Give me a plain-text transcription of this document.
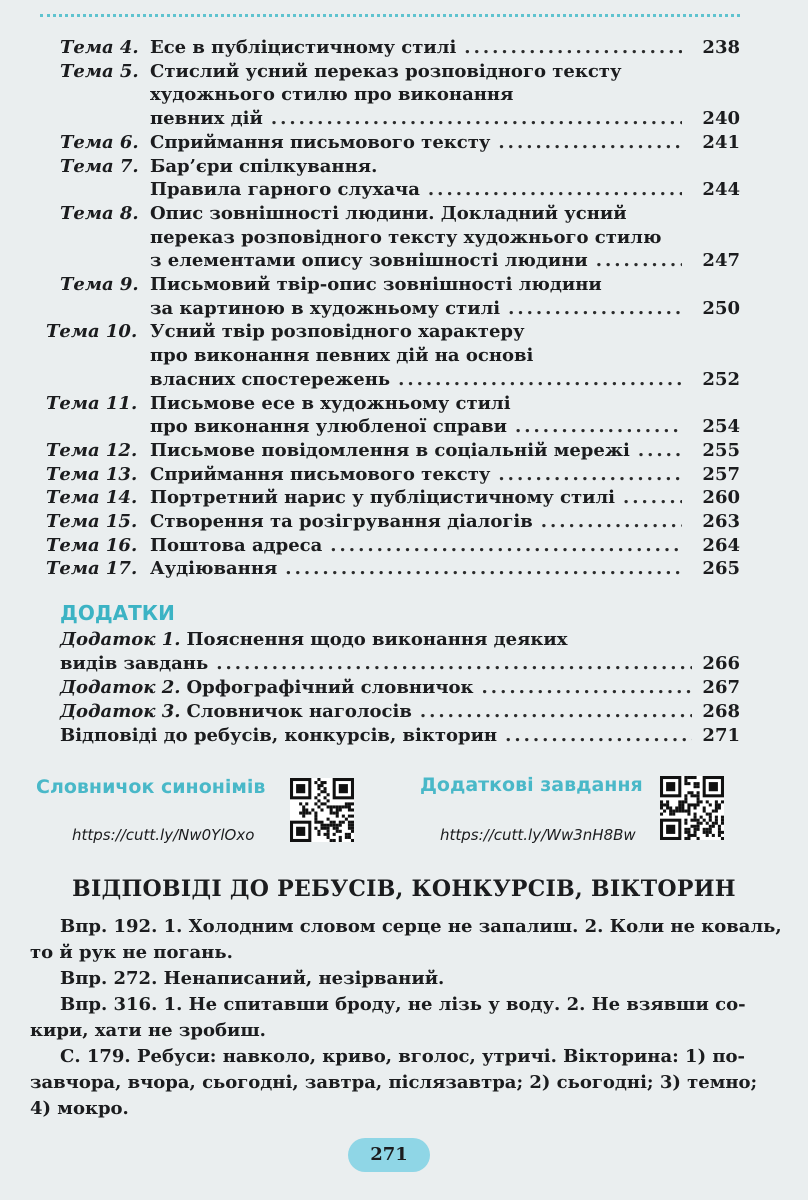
Тема 4. Есе в публіцистичному стилі .....	238
Тема 5. Стислий усний переказ розповідного тексту
художнього стилю про виконання
певних дій .....	240
Тема 6. Сприймання письмового тексту .....	241
Тема 7. Бар’єри спілкування.
Правила гарного слухача .....	244
Тема 8. Опис зовнішності людини. Докладний усний
переказ розповідного тексту художнього стилю
з елементами опису зовнішності людини .....	247
Тема 9. Письмовий твір-опис зовнішності людини
за картиною в художньому стилі .....	250
Тема 10. Усний твір розповідного характеру
про виконання певних дій на основі
власних спостережень .....	252
Тема 11. Письмове есе в художньому стилі
про виконання улюбленої справи .....	254
Тема 12. Письмове повідомлення в соціальній мережі .....	255
Тема 13. Сприймання письмового тексту .....	257
Тема 14. Портретний нарис у публіцистичному стилі .....	260
Тема 15. Створення та розігрування діалогів .....	263
Тема 16. Поштова адреса .....	264
Тема 17. Аудіювання .....	265
ДОДАТКИ
Додаток 1. Пояснення щодо виконання деяких
видів завдань .....	266
Додаток 2. Орфографічний словничок .....	267
Додаток 3. Словничок наголосів .....	268
Відповіді до ребусів, конкурсів, вікторин .....	271
Словничок синонімів
https://cutt.ly/Nw0YlOxo
Додаткові завдання
https://cutt.ly/Ww3nH8Bw
ВІДПОВІДІ ДО РЕБУСІВ, КОНКУРСІВ, ВІКТОРИН
Впр. 192. 1. Холодним словом серце не запалиш. 2. Коли не коваль,
то й рук не погань.
Впр. 272. Ненаписаний, незірваний.
Впр. 316. 1. Не спитавши броду, не лізь у воду. 2. Не взявши со-
кири, хати не зробиш.
С. 179. Ребуси: навколо, криво, вголос, утричі. Вікторина: 1) по-
завчора, вчора, сьогодні, завтра, післязавтра; 2) сьогодні; 3) темно;
4) мокро.
271
